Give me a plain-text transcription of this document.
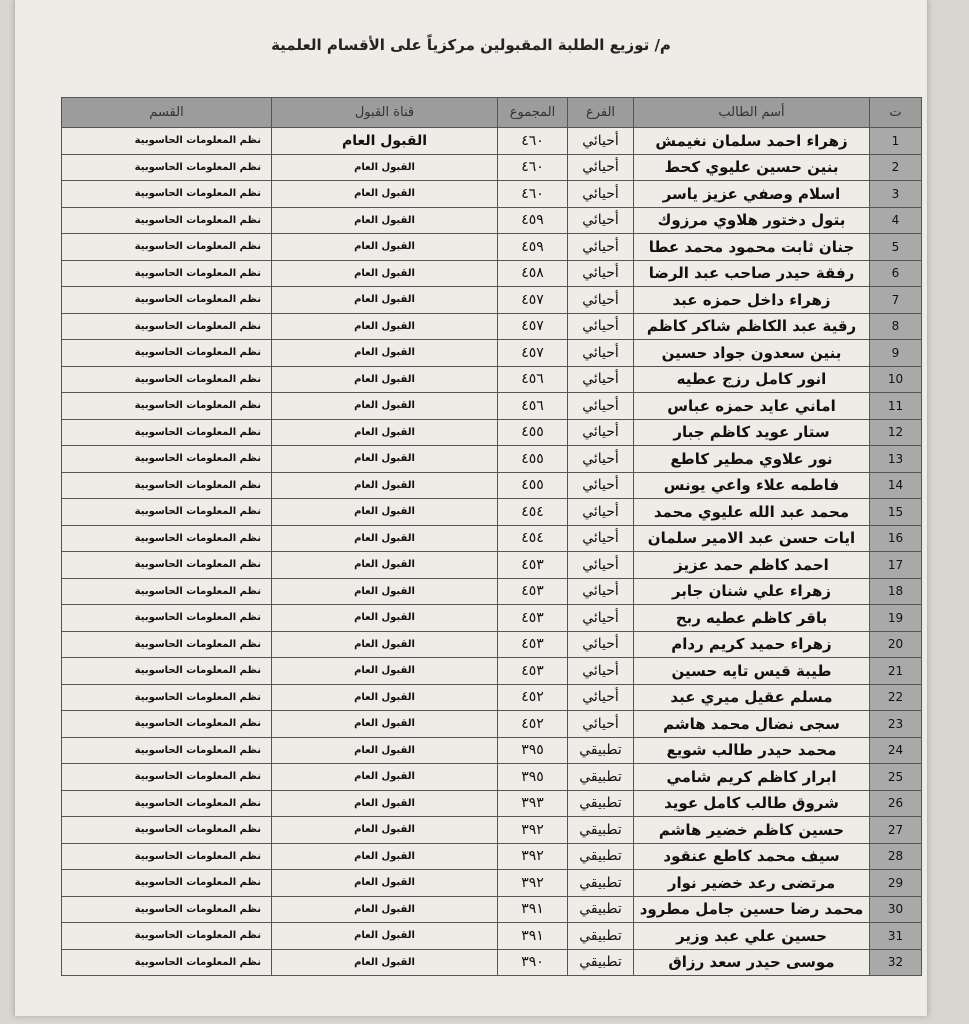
م/ توزيع الطلبة المقبولين مركزياً على الأقسام العلمية
ت	أسم الطالب	الفرع	المجموع	قناة القبول	القسم
1	زهراء احمد سلمان نغيمش	أحيائي	٤٦٠	القبول العام	نظم المعلومات الحاسوبية
2	بنين حسين عليوي كحط	أحيائي	٤٦٠	القبول العام	نظم المعلومات الحاسوبية
3	اسلام وصفي عزيز ياسر	أحيائي	٤٦٠	القبول العام	نظم المعلومات الحاسوبية
4	بتول دختور هلاوي مرزوك	أحيائي	٤٥٩	القبول العام	نظم المعلومات الحاسوبية
5	جنان ثابت محمود محمد عطا	أحيائي	٤٥٩	القبول العام	نظم المعلومات الحاسوبية
6	رفقة حيدر صاحب عبد الرضا	أحيائي	٤٥٨	القبول العام	نظم المعلومات الحاسوبية
7	زهراء داخل حمزه عبد	أحيائي	٤٥٧	القبول العام	نظم المعلومات الحاسوبية
8	رقية عبد الكاظم شاكر كاظم	أحيائي	٤٥٧	القبول العام	نظم المعلومات الحاسوبية
9	بنين سعدون جواد حسين	أحيائي	٤٥٧	القبول العام	نظم المعلومات الحاسوبية
10	انور كامل رزج عطيه	أحيائي	٤٥٦	القبول العام	نظم المعلومات الحاسوبية
11	اماني عايد حمزه عباس	أحيائي	٤٥٦	القبول العام	نظم المعلومات الحاسوبية
12	ستار عويد كاظم جبار	أحيائي	٤٥٥	القبول العام	نظم المعلومات الحاسوبية
13	نور علاوي مطير كاطع	أحيائي	٤٥٥	القبول العام	نظم المعلومات الحاسوبية
14	فاطمه علاء واعي يونس	أحيائي	٤٥٥	القبول العام	نظم المعلومات الحاسوبية
15	محمد عبد الله عليوي محمد	أحيائي	٤٥٤	القبول العام	نظم المعلومات الحاسوبية
16	ايات حسن عبد الامير سلمان	أحيائي	٤٥٤	القبول العام	نظم المعلومات الحاسوبية
17	احمد كاظم حمد عزيز	أحيائي	٤٥٣	القبول العام	نظم المعلومات الحاسوبية
18	زهراء علي شنان جابر	أحيائي	٤٥٣	القبول العام	نظم المعلومات الحاسوبية
19	باقر كاظم عطيه ربح	أحيائي	٤٥٣	القبول العام	نظم المعلومات الحاسوبية
20	زهراء حميد كريم ردام	أحيائي	٤٥٣	القبول العام	نظم المعلومات الحاسوبية
21	طيبة قيس تايه حسين	أحيائي	٤٥٣	القبول العام	نظم المعلومات الحاسوبية
22	مسلم عقيل ميري عبد	أحيائي	٤٥٢	القبول العام	نظم المعلومات الحاسوبية
23	سجى نضال محمد هاشم	أحيائي	٤٥٢	القبول العام	نظم المعلومات الحاسوبية
24	محمد حيدر طالب شويع	تطبيقي	٣٩٥	القبول العام	نظم المعلومات الحاسوبية
25	ابرار كاظم كريم شامي	تطبيقي	٣٩٥	القبول العام	نظم المعلومات الحاسوبية
26	شروق طالب كامل عويد	تطبيقي	٣٩٣	القبول العام	نظم المعلومات الحاسوبية
27	حسين كاظم خضير هاشم	تطبيقي	٣٩٢	القبول العام	نظم المعلومات الحاسوبية
28	سيف محمد كاطع عنقود	تطبيقي	٣٩٢	القبول العام	نظم المعلومات الحاسوبية
29	مرتضى رعد خضير نوار	تطبيقي	٣٩٢	القبول العام	نظم المعلومات الحاسوبية
30	محمد رضا حسين جامل مطرود	تطبيقي	٣٩١	القبول العام	نظم المعلومات الحاسوبية
31	حسين علي عبد وزير	تطبيقي	٣٩١	القبول العام	نظم المعلومات الحاسوبية
32	موسى حيدر سعد رزاق	تطبيقي	٣٩٠	القبول العام	نظم المعلومات الحاسوبية
